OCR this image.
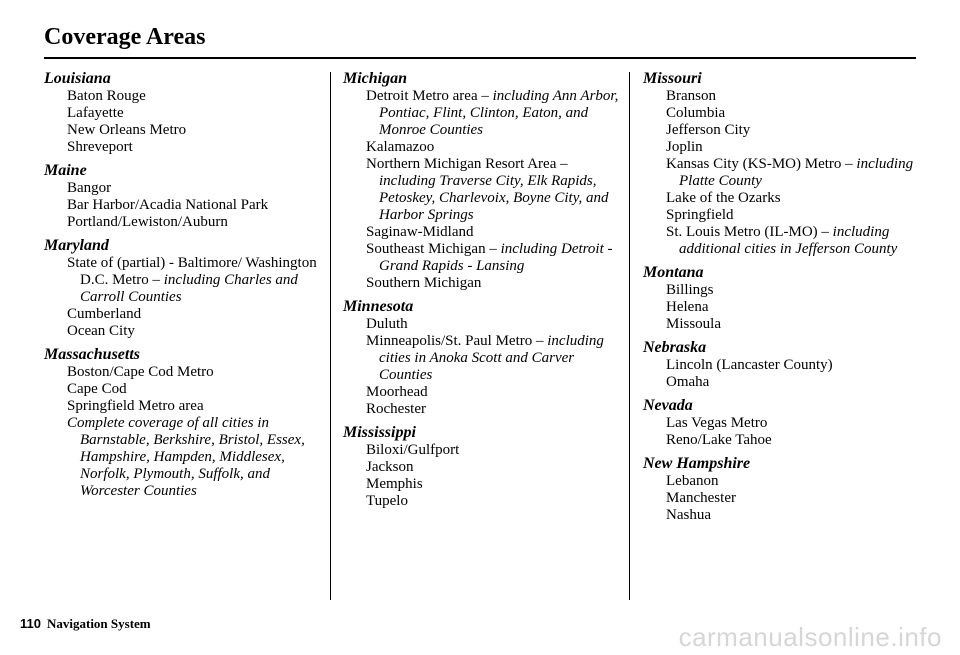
Coverage Areas
Louisiana
Baton Rouge
Lafayette
New Orleans Metro
Shreveport
Maine
Bangor
Bar Harbor/Acadia National Park
Portland/Lewiston/Auburn
Maryland
State of (partial) - Baltimore/ Washington D.C. Metro – including Charles and Carroll Counties
Cumberland
Ocean City
Massachusetts
Boston/Cape Cod Metro
Cape Cod
Springfield Metro area
Complete coverage of all cities in Barnstable, Berkshire, Bristol, Essex, Hampshire, Hampden, Middlesex, Norfolk, Plymouth, Suffolk, and Worcester Counties
Michigan
Detroit Metro area – including Ann Arbor, Pontiac, Flint, Clinton, Eaton, and Monroe Counties
Kalamazoo
Northern Michigan Resort Area – including Traverse City, Elk Rapids, Petoskey, Charlevoix, Boyne City, and Harbor Springs
Saginaw-Midland
Southeast Michigan – including Detroit - Grand Rapids - Lansing
Southern Michigan
Minnesota
Duluth
Minneapolis/St. Paul Metro – including cities in Anoka Scott and Carver Counties
Moorhead
Rochester
Mississippi
Biloxi/Gulfport
Jackson
Memphis
Tupelo
Missouri
Branson
Columbia
Jefferson City
Joplin
Kansas City (KS-MO) Metro – including Platte County
Lake of the Ozarks
Springfield
St. Louis Metro (IL-MO) – including additional cities in Jefferson County
Montana
Billings
Helena
Missoula
Nebraska
Lincoln (Lancaster County)
Omaha
Nevada
Las Vegas Metro
Reno/Lake Tahoe
New Hampshire
Lebanon
Manchester
Nashua
110 Navigation System	carmanualsonline.info
